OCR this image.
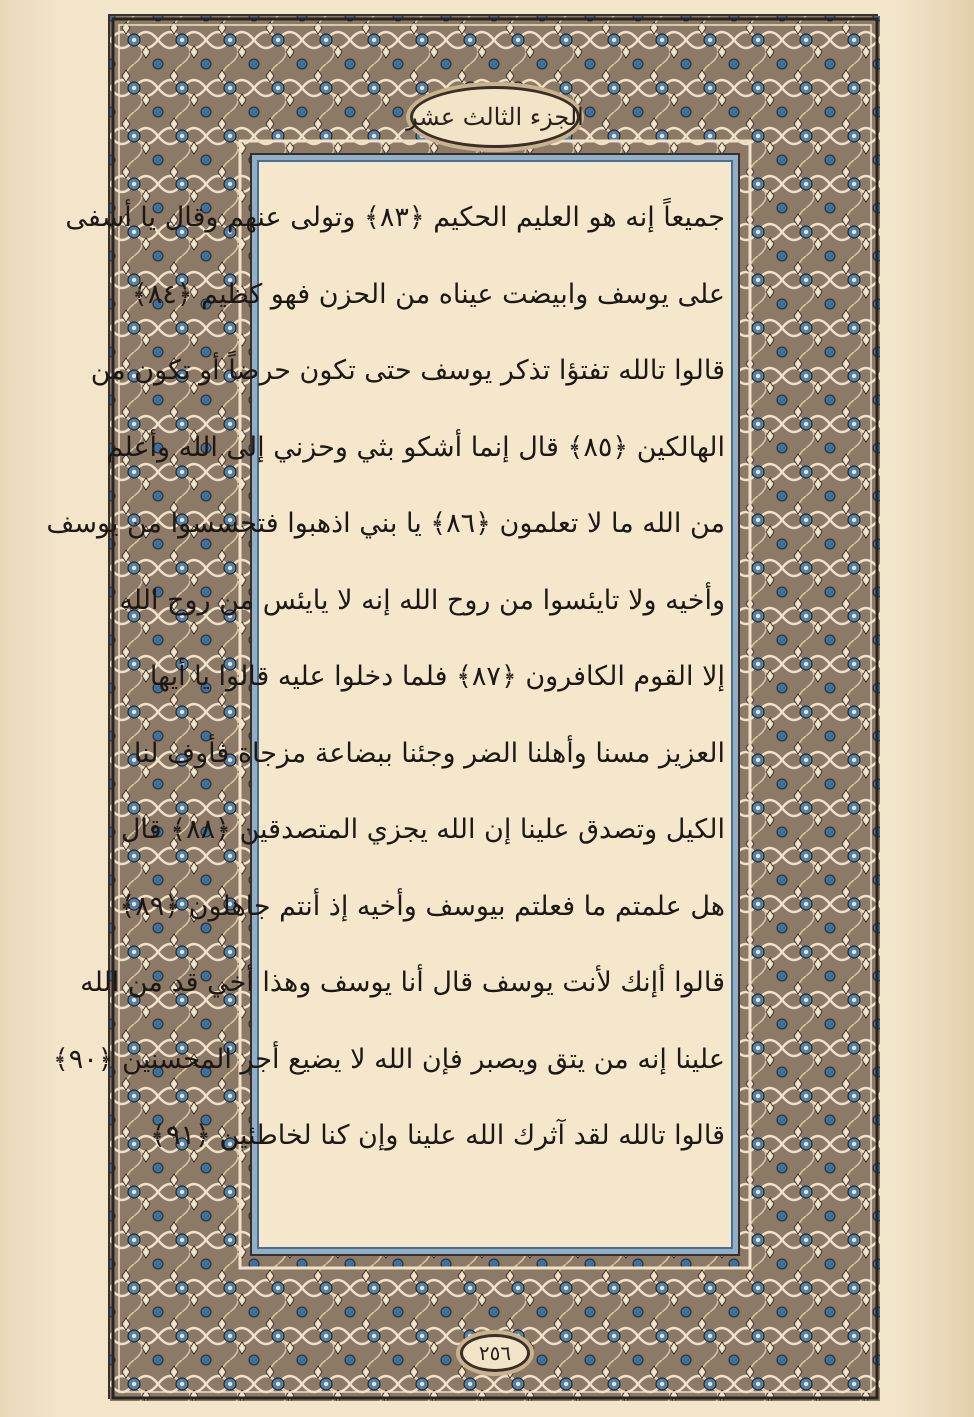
الجزء الثالث عشر
جميعاً إنه هو العليم الحكيم ﴿٨٣﴾ وتولى عنهم وقال يا أسفى
على يوسف وابيضت عيناه من الحزن فهو كظيم ﴿٨٤﴾
قالوا تالله تفتؤا تذكر يوسف حتى تكون حرضاً أو تكون من
الهالكين ﴿٨٥﴾ قال إنما أشكو بثي وحزني إلى الله وأعلم
من الله ما لا تعلمون ﴿٨٦﴾ يا بني اذهبوا فتحسسوا من يوسف
وأخيه ولا تايئسوا من روح الله إنه لا يايئس من روح الله
إلا القوم الكافرون ﴿٨٧﴾ فلما دخلوا عليه قالوا يا أيها
العزيز مسنا وأهلنا الضر وجئنا ببضاعة مزجاة فأوف لنا
الكيل وتصدق علينا إن الله يجزي المتصدقين ﴿٨٨﴾ قال
هل علمتم ما فعلتم بيوسف وأخيه إذ أنتم جاهلون ﴿٨٩﴾
قالوا أإنك لأنت يوسف قال أنا يوسف وهذا أخي قد من الله
علينا إنه من يتق ويصبر فإن الله لا يضيع أجر المحسنين ﴿٩٠﴾
قالوا تالله لقد آثرك الله علينا وإن كنا لخاطئين ﴿٩١﴾
٢٥٦
